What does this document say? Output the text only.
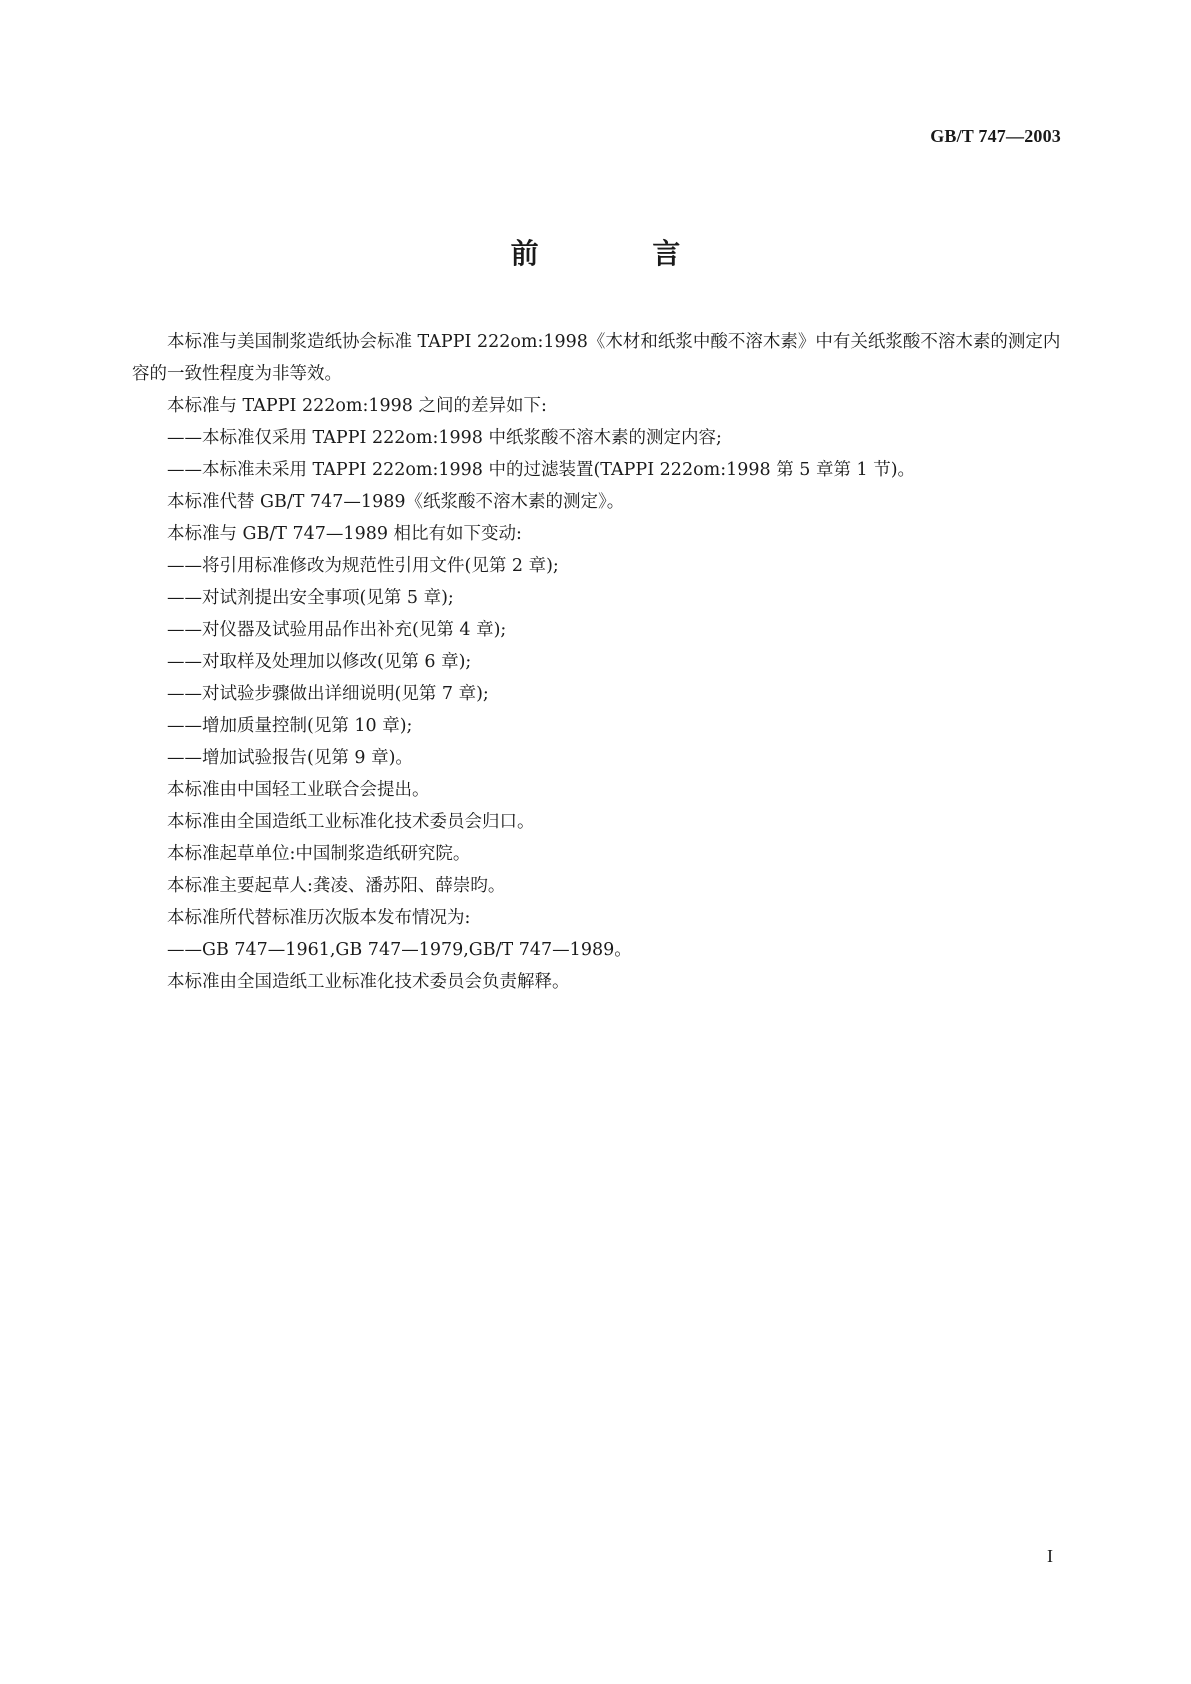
GB/T 747—2003
前 言

本标准与美国制浆造纸协会标准 TAPPI 222om:1998《木材和纸浆中酸不溶木素》中有关纸浆酸不溶木素的测定内容的一致性程度为非等效。

本标准与 TAPPI 222om:1998 之间的差异如下:

——本标准仅采用 TAPPI 222om:1998 中纸浆酸不溶木素的测定内容;

——本标准未采用 TAPPI 222om:1998 中的过滤装置(TAPPI 222om:1998 第 5 章第 1 节)。

本标准代替 GB/T 747—1989《纸浆酸不溶木素的测定》。

本标准与 GB/T 747—1989 相比有如下变动:

——将引用标准修改为规范性引用文件(见第 2 章);

——对试剂提出安全事项(见第 5 章);

——对仪器及试验用品作出补充(见第 4 章);

——对取样及处理加以修改(见第 6 章);

——对试验步骤做出详细说明(见第 7 章);

——增加质量控制(见第 10 章);

——增加试验报告(见第 9 章)。

本标准由中国轻工业联合会提出。

本标准由全国造纸工业标准化技术委员会归口。

本标准起草单位:中国制浆造纸研究院。

本标准主要起草人:龚凌、潘苏阳、薛崇昀。

本标准所代替标准历次版本发布情况为:

——GB 747—1961,GB 747—1979,GB/T 747—1989。

本标准由全国造纸工业标准化技术委员会负责解释。

I
